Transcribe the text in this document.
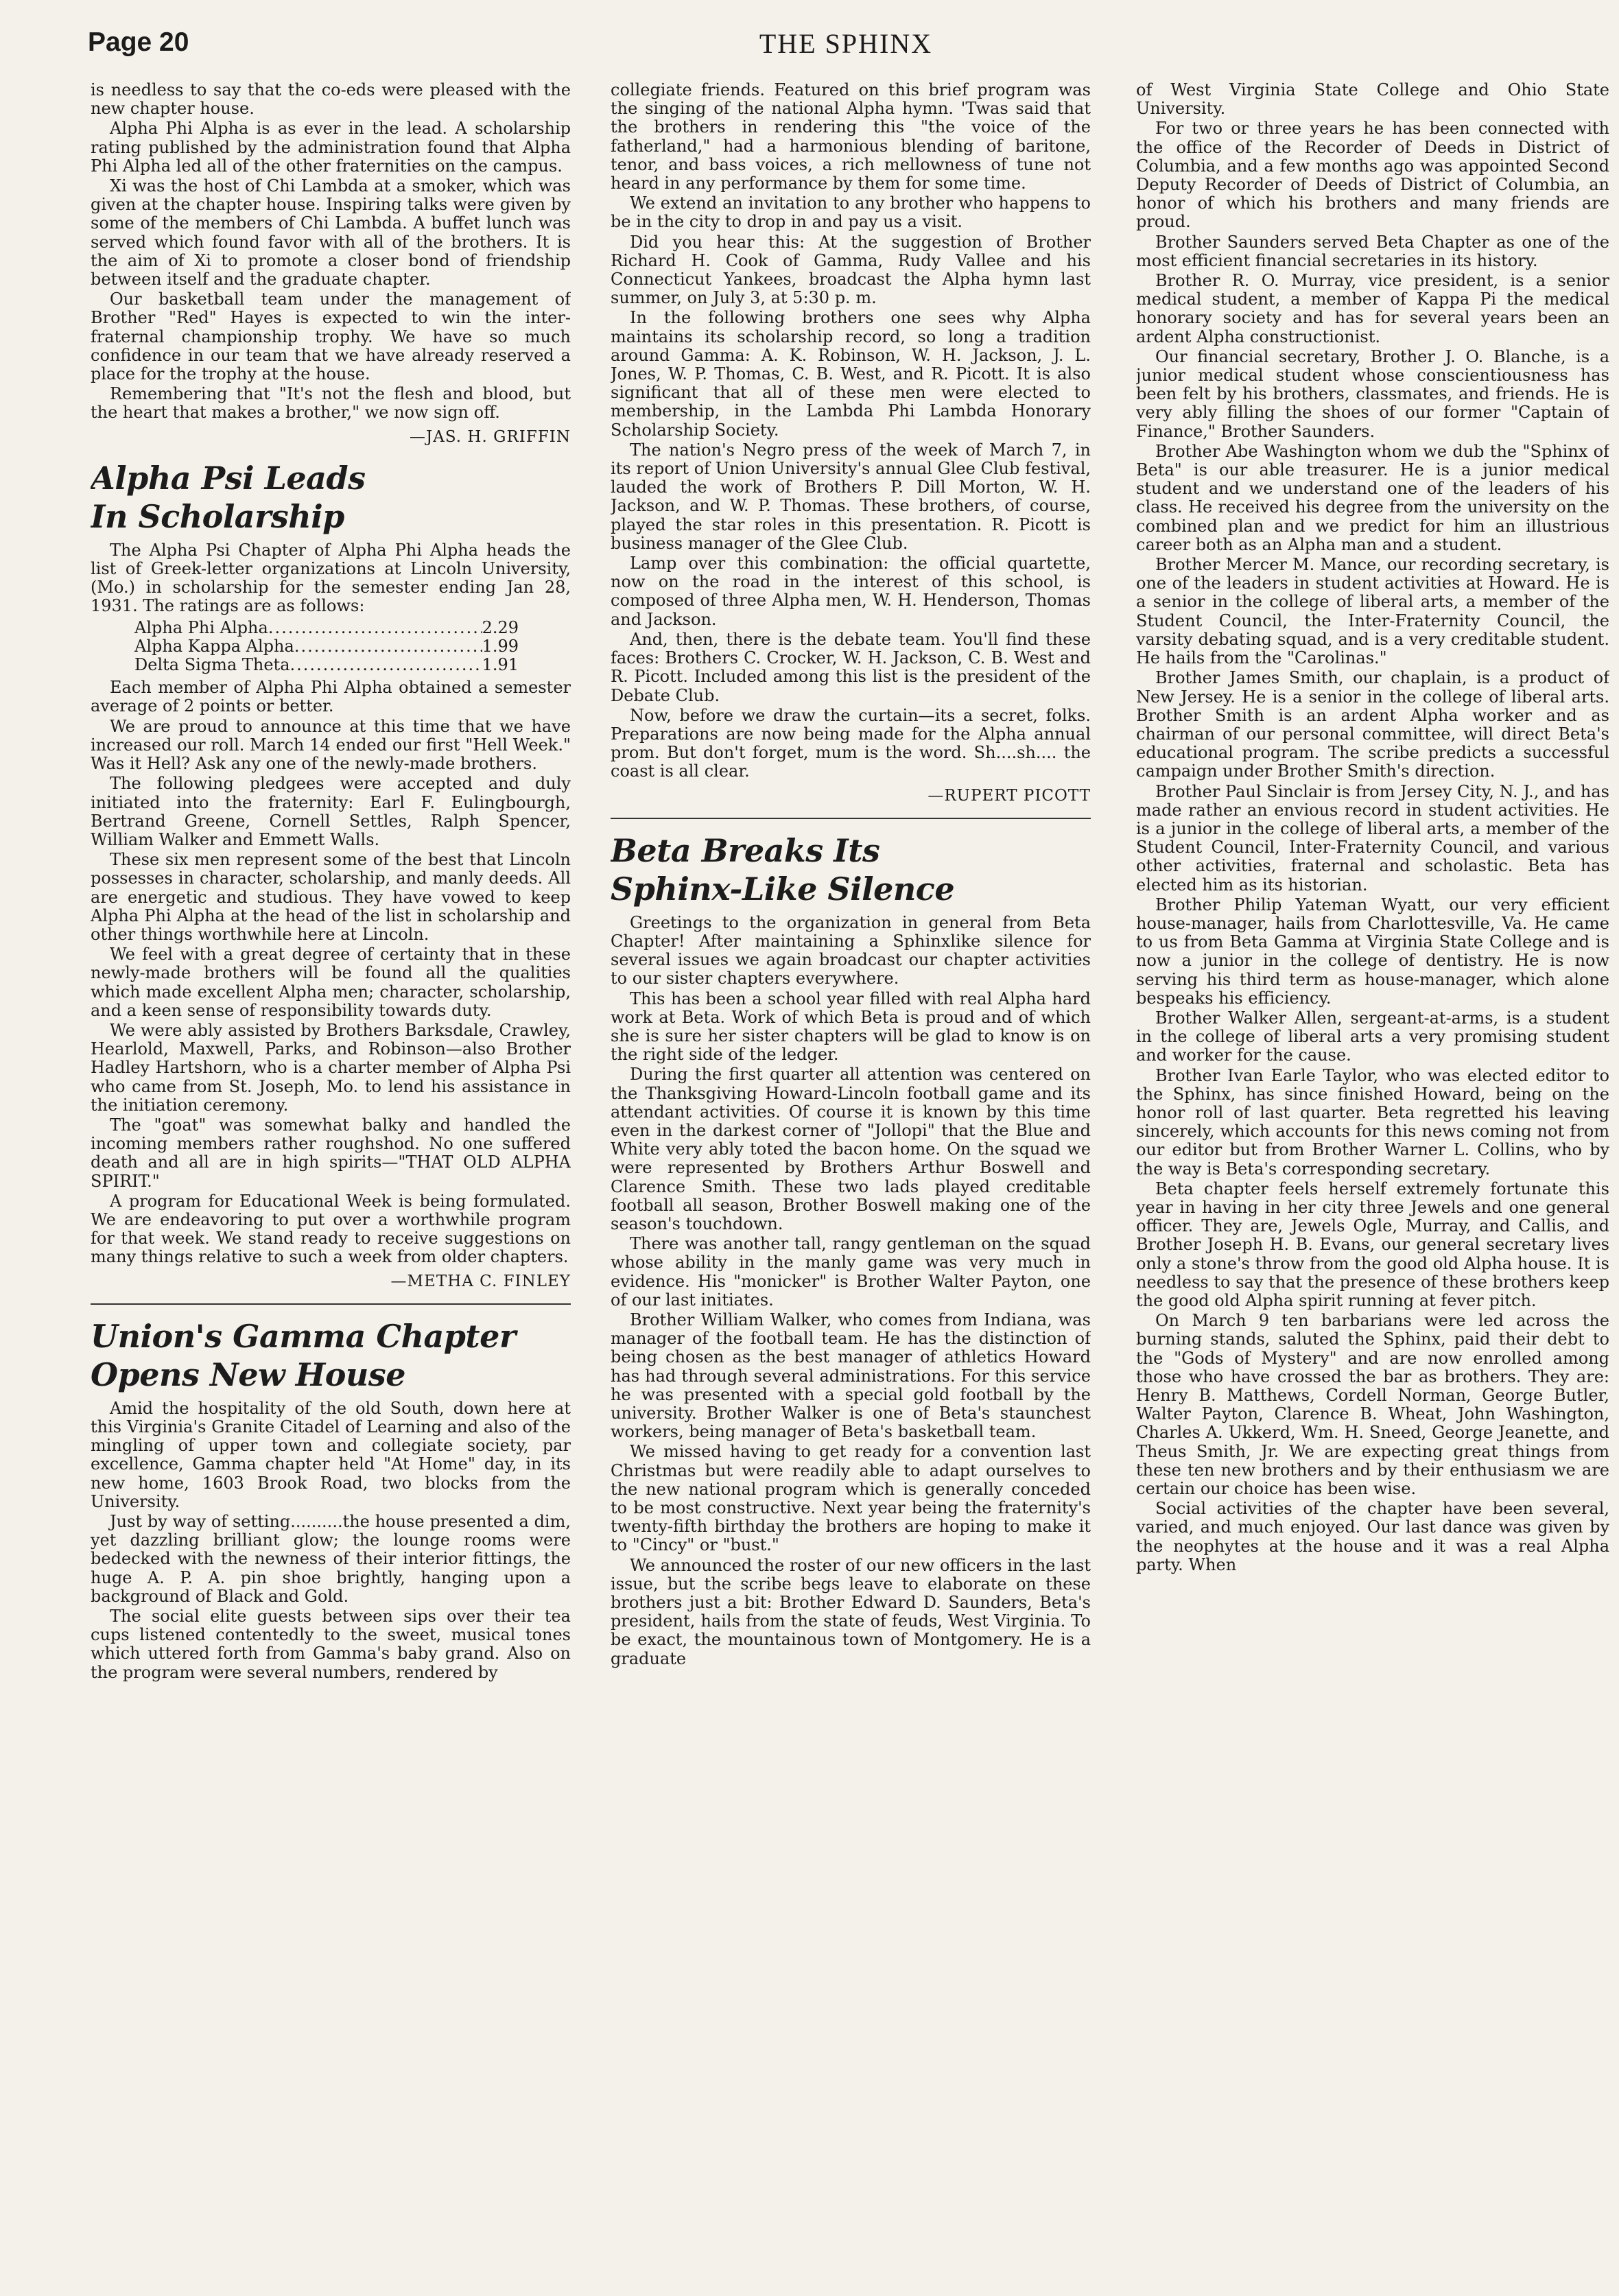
Page 20	THE SPHINX

is needless to say that the co-eds were pleased with the new chapter house.

Alpha Phi Alpha is as ever in the lead. A scholarship rating published by the administration found that Alpha Phi Alpha led all of the other fraternities on the campus.

Xi was the host of Chi Lambda at a smoker, which was given at the chapter house. Inspiring talks were given by some of the members of Chi Lambda. A buffet lunch was served which found favor with all of the brothers. It is the aim of Xi to promote a closer bond of friendship between itself and the graduate chapter.

Our basketball team under the management of Brother "Red" Hayes is expected to win the inter-fraternal championship trophy. We have so much confidence in our team that we have already reserved a place for the trophy at the house.

Remembering that "It's not the flesh and blood, but the heart that makes a brother," we now sign off.

—JAS. H. GRIFFIN
Alpha Psi Leads
In Scholarship

The Alpha Psi Chapter of Alpha Phi Alpha heads the list of Greek-letter organizations at Lincoln University, (Mo.) in scholarship for the semester ending Jan 28, 1931. The ratings are as follows:

Alpha Phi Alpha .....	2.29
Alpha Kappa Alpha .....	1.99
Delta Sigma Theta .....	1.91

Each member of Alpha Phi Alpha obtained a semester average of 2 points or better.

We are proud to announce at this time that we have increased our roll. March 14 ended our first "Hell Week." Was it Hell? Ask any one of the newly-made brothers.

The following pledgees were accepted and duly initiated into the fraternity: Earl F. Eulingbourgh, Bertrand Greene, Cornell Settles, Ralph Spencer, William Walker and Emmett Walls.

These six men represent some of the best that Lincoln possesses in character, scholarship, and manly deeds. All are energetic and studious. They have vowed to keep Alpha Phi Alpha at the head of the list in scholarship and other things worthwhile here at Lincoln.

We feel with a great degree of certainty that in these newly-made brothers will be found all the qualities which made excellent Alpha men; character, scholarship, and a keen sense of responsibility towards duty.

We were ably assisted by Brothers Barksdale, Crawley, Hearlold, Maxwell, Parks, and Robinson—also Brother Hadley Hartshorn, who is a charter member of Alpha Psi who came from St. Joseph, Mo. to lend his assistance in the initiation ceremony.

The "goat" was somewhat balky and handled the incoming members rather roughshod. No one suffered death and all are in high spirits—"THAT OLD ALPHA SPIRIT."

A program for Educational Week is being formulated. We are endeavoring to put over a worthwhile program for that week. We stand ready to receive suggestions on many things relative to such a week from older chapters.

—METHA C. FINLEY
Union's Gamma Chapter
Opens New House

Amid the hospitality of the old South, down here at this Virginia's Granite Citadel of Learning and also of the mingling of upper town and collegiate society, par excellence, Gamma chapter held "At Home" day, in its new home, 1603 Brook Road, two blocks from the University.

Just by way of setting..........the house presented a dim, yet dazzling brilliant glow; the lounge rooms were bedecked with the newness of their interior fittings, the huge A. P. A. pin shoe brightly, hanging upon a background of Black and Gold.

The social elite guests between sips over their tea cups listened contentedly to the sweet, musical tones which uttered forth from Gamma's baby grand. Also on the program were several numbers, rendered by

collegiate friends. Featured on this brief program was the singing of the national Alpha hymn. 'Twas said that the brothers in rendering this "the voice of the fatherland," had a harmonious blending of baritone, tenor, and bass voices, a rich mellowness of tune not heard in any performance by them for some time.

We extend an invitation to any brother who happens to be in the city to drop in and pay us a visit.

Did you hear this: At the suggestion of Brother Richard H. Cook of Gamma, Rudy Vallee and his Connecticut Yankees, broadcast the Alpha hymn last summer, on July 3, at 5:30 p. m.

In the following brothers one sees why Alpha maintains its scholarship record, so long a tradition around Gamma: A. K. Robinson, W. H. Jackson, J. L. Jones, W. P. Thomas, C. B. West, and R. Picott. It is also significant that all of these men were elected to membership, in the Lambda Phi Lambda Honorary Scholarship Society.

The nation's Negro press of the week of March 7, in its report of Union University's annual Glee Club festival, lauded the work of Brothers P. Dill Morton, W. H. Jackson, and W. P. Thomas. These brothers, of course, played the star roles in this presentation. R. Picott is business manager of the Glee Club.

Lamp over this combination: the official quartette, now on the road in the interest of this school, is composed of three Alpha men, W. H. Henderson, Thomas and Jackson.

And, then, there is the debate team. You'll find these faces: Brothers C. Crocker, W. H. Jackson, C. B. West and R. Picott. Included among this list is the president of the Debate Club.

Now, before we draw the curtain—its a secret, folks. Preparations are now being made for the Alpha annual prom. But don't forget, mum is the word. Sh....sh.... the coast is all clear.

—RUPERT PICOTT
Beta Breaks Its
Sphinx-Like Silence

Greetings to the organization in general from Beta Chapter! After maintaining a Sphinxlike silence for several issues we again broadcast our chapter activities to our sister chapters everywhere.

This has been a school year filled with real Alpha hard work at Beta. Work of which Beta is proud and of which she is sure her sister chapters will be glad to know is on the right side of the ledger.

During the first quarter all attention was centered on the Thanksgiving Howard-Lincoln football game and its attendant activities. Of course it is known by this time even in the darkest corner of "Jollopi" that the Blue and White very ably toted the bacon home. On the squad we were represented by Brothers Arthur Boswell and Clarence Smith. These two lads played creditable football all season, Brother Boswell making one of the season's touchdown.

There was another tall, rangy gentleman on the squad whose ability in the manly game was very much in evidence. His "monicker" is Brother Walter Payton, one of our last initiates.

Brother William Walker, who comes from Indiana, was manager of the football team. He has the distinction of being chosen as the best manager of athletics Howard has had through several administrations. For this service he was presented with a special gold football by the university. Brother Walker is one of Beta's staunchest workers, being manager of Beta's basketball team.

We missed having to get ready for a convention last Christmas but were readily able to adapt ourselves to the new national program which is generally conceded to be most constructive. Next year being the fraternity's twenty-fifth birthday the brothers are hoping to make it to "Cincy" or "bust."

We announced the roster of our new officers in the last issue, but the scribe begs leave to elaborate on these brothers just a bit: Brother Edward D. Saunders, Beta's president, hails from the state of feuds, West Virginia. To be exact, the mountainous town of Montgomery. He is a graduate

of West Virginia State College and Ohio State University.

For two or three years he has been connected with the office of the Recorder of Deeds in District of Columbia, and a few months ago was appointed Second Deputy Recorder of Deeds of District of Columbia, an honor of which his brothers and many friends are proud.

Brother Saunders served Beta Chapter as one of the most efficient financial secretaries in its history.

Brother R. O. Murray, vice president, is a senior medical student, a member of Kappa Pi the medical honorary society and has for several years been an ardent Alpha constructionist.

Our financial secretary, Brother J. O. Blanche, is a junior medical student whose conscientiousness has been felt by his brothers, classmates, and friends. He is very ably filling the shoes of our former "Captain of Finance," Brother Saunders.

Brother Abe Washington whom we dub the "Sphinx of Beta" is our able treasurer. He is a junior medical student and we understand one of the leaders of his class. He received his degree from the university on the combined plan and we predict for him an illustrious career both as an Alpha man and a student.

Brother Mercer M. Mance, our recording secretary, is one of the leaders in student activities at Howard. He is a senior in the college of liberal arts, a member of the Student Council, the Inter-Fraternity Council, the varsity debating squad, and is a very creditable student. He hails from the "Carolinas."

Brother James Smith, our chaplain, is a product of New Jersey. He is a senior in the college of liberal arts. Brother Smith is an ardent Alpha worker and as chairman of our personal committee, will direct Beta's educational program. The scribe predicts a successful campaign under Brother Smith's direction.

Brother Paul Sinclair is from Jersey City, N. J., and has made rather an envious record in student activities. He is a junior in the college of liberal arts, a member of the Student Council, Inter-Fraternity Council, and various other activities, fraternal and scholastic. Beta has elected him as its historian.

Brother Philip Yateman Wyatt, our very efficient house-manager, hails from Charlottesville, Va. He came to us from Beta Gamma at Virginia State College and is now a junior in the college of dentistry. He is now serving his third term as house-manager, which alone bespeaks his efficiency.

Brother Walker Allen, sergeant-at-arms, is a student in the college of liberal arts a very promising student and worker for the cause.

Brother Ivan Earle Taylor, who was elected editor to the Sphinx, has since finished Howard, being on the honor roll of last quarter. Beta regretted his leaving sincerely, which accounts for this news coming not from our editor but from Brother Warner L. Collins, who by the way is Beta's corresponding secretary.

Beta chapter feels herself extremely fortunate this year in having in her city three Jewels and one general officer. They are, Jewels Ogle, Murray, and Callis, and Brother Joseph H. B. Evans, our general secretary lives only a stone's throw from the good old Alpha house. It is needless to say that the presence of these brothers keep the good old Alpha spirit running at fever pitch.

On March 9 ten barbarians were led across the burning stands, saluted the Sphinx, paid their debt to the "Gods of Mystery" and are now enrolled among those who have crossed the bar as brothers. They are: Henry B. Matthews, Cordell Norman, George Butler, Walter Payton, Clarence B. Wheat, John Washington, Charles A. Ukkerd, Wm. H. Sneed, George Jeanette, and Theus Smith, Jr. We are expecting great things from these ten new brothers and by their enthusiasm we are certain our choice has been wise.

Social activities of the chapter have been several, varied, and much enjoyed. Our last dance was given by the neophytes at the house and it was a real Alpha party. When
